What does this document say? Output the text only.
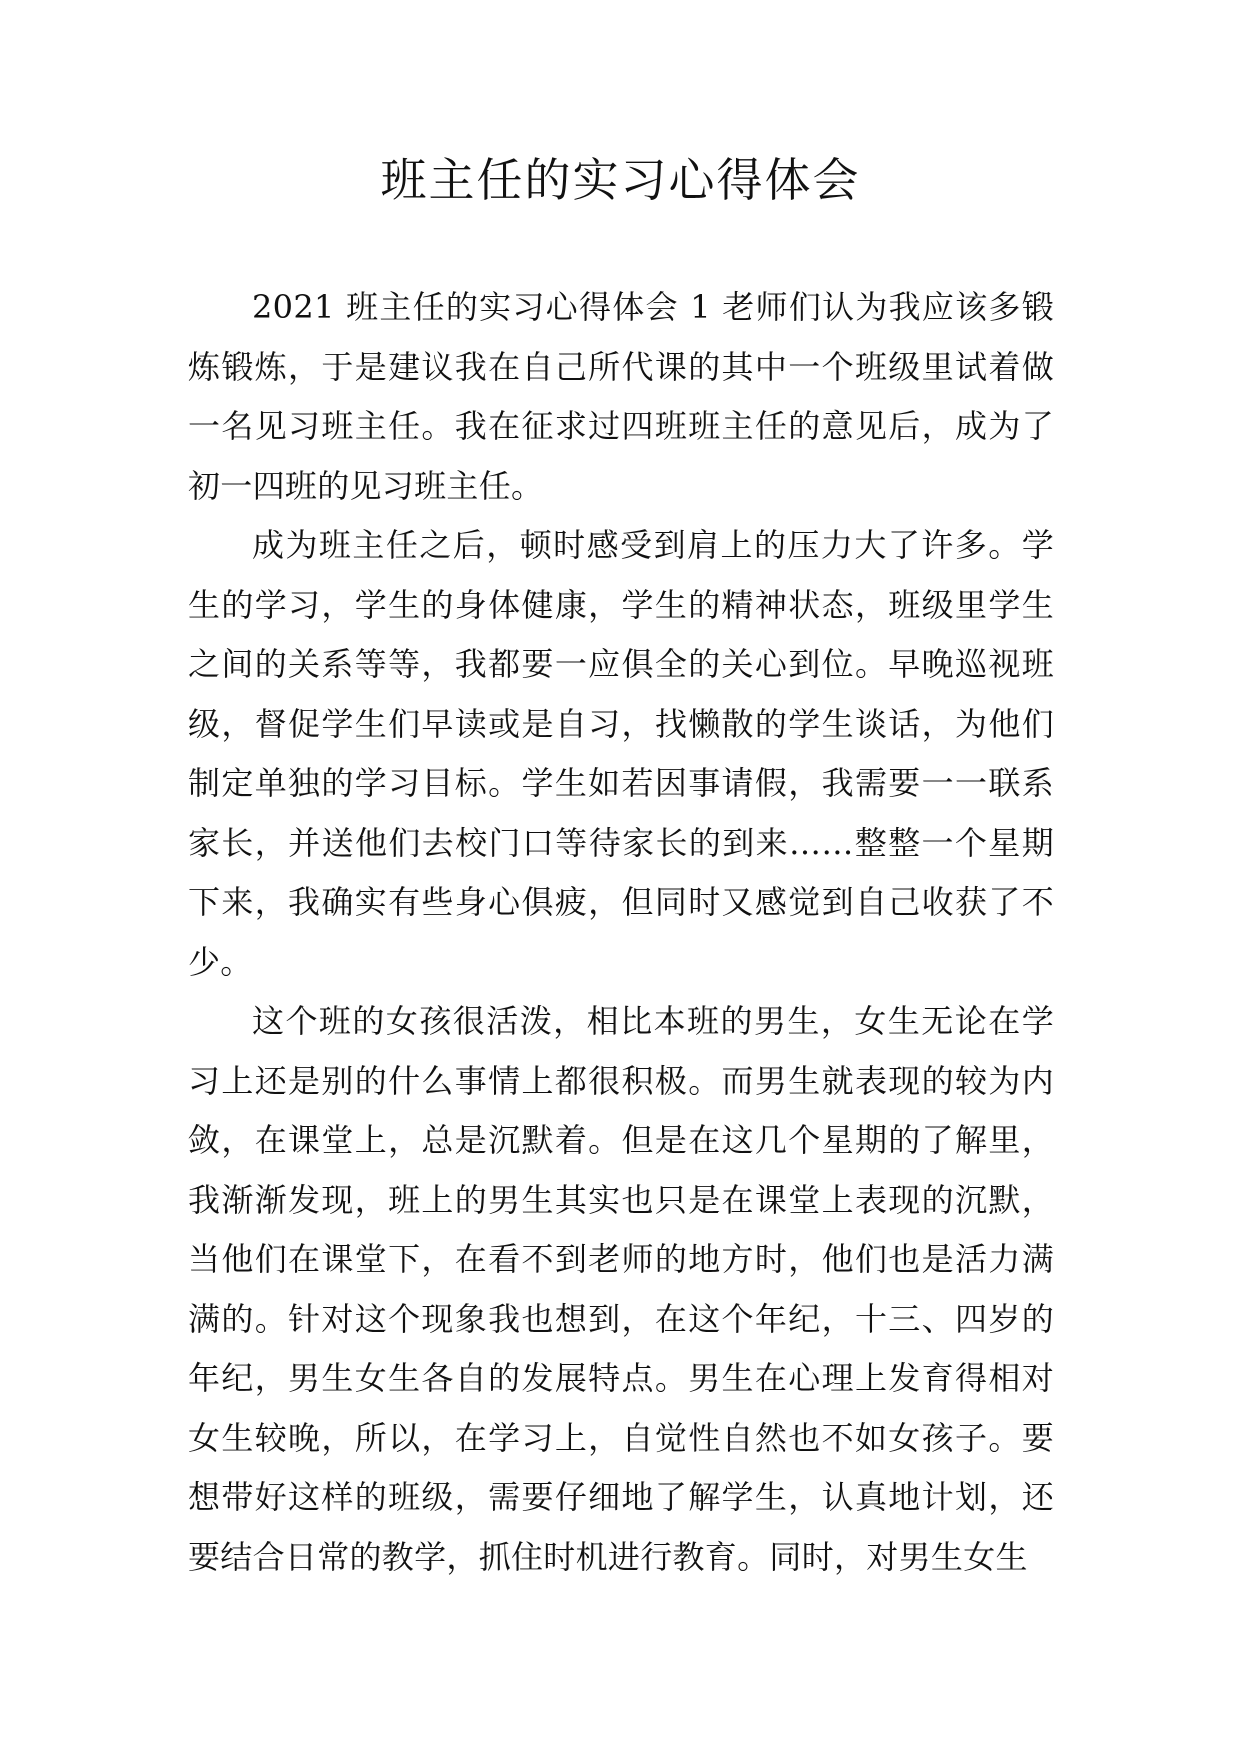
班主任的实习心得体会

2021 班主任的实习心得体会 1 老师们认为我应该多锻炼锻炼，于是建议我在自己所代课的其中一个班级里试着做一名见习班主任。我在征求过四班班主任的意见后，成为了初一四班的见习班主任。

成为班主任之后，顿时感受到肩上的压力大了许多。学生的学习，学生的身体健康，学生的精神状态，班级里学生之间的关系等等，我都要一应俱全的关心到位。早晚巡视班级，督促学生们早读或是自习，找懒散的学生谈话，为他们制定单独的学习目标。学生如若因事请假，我需要一一联系家长，并送他们去校门口等待家长的到来……整整一个星期下来，我确实有些身心俱疲，但同时又感觉到自己收获了不少。

这个班的女孩很活泼，相比本班的男生，女生无论在学习上还是别的什么事情上都很积极。而男生就表现的较为内敛，在课堂上，总是沉默着。但是在这几个星期的了解里，我渐渐发现，班上的男生其实也只是在课堂上表现的沉默，当他们在课堂下，在看不到老师的地方时，他们也是活力满满的。针对这个现象我也想到，在这个年纪，十三、四岁的年纪，男生女生各自的发展特点。男生在心理上发育得相对女生较晚，所以，在学习上，自觉性自然也不如女孩子。要想带好这样的班级，需要仔细地了解学生，认真地计划，还要结合日常的教学，抓住时机进行教育。同时，对男生女生
